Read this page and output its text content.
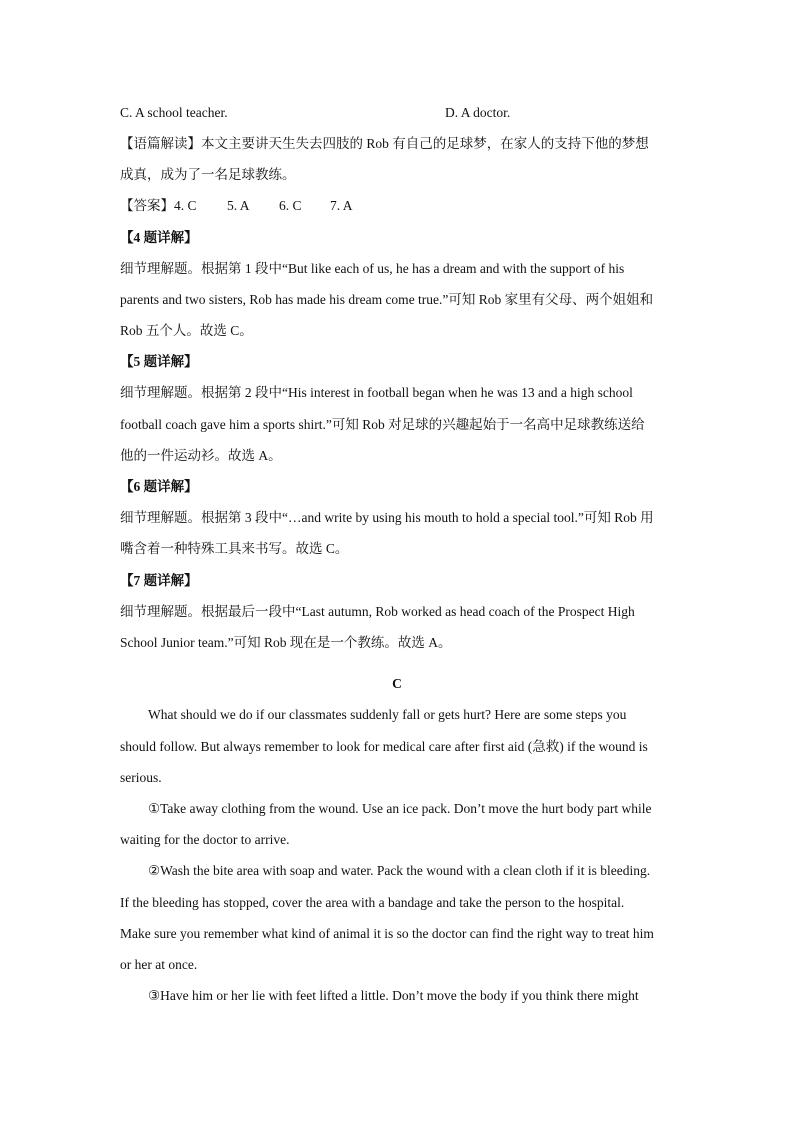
C. A school teacher.	D. A doctor.
【语篇解读】本文主要讲天生失去四肢的 Rob 有自己的足球梦，在家人的支持下他的梦想
成真，成为了一名足球教练。
【答案】4. C 5. A 6. C 7. A
【4 题详解】
细节理解题。根据第 1 段中“But like each of us, he has a dream and with the support of his
parents and two sisters, Rob has made his dream come true.”可知 Rob 家里有父母、两个姐姐和
Rob 五个人。故选 C。
【5 题详解】
细节理解题。根据第 2 段中“His interest in football began when he was 13 and a high school
football coach gave him a sports shirt.”可知 Rob 对足球的兴趣起始于一名高中足球教练送给
他的一件运动衫。故选 A。
【6 题详解】
细节理解题。根据第 3 段中“…and write by using his mouth to hold a special tool.”可知 Rob 用
嘴含着一种特殊工具来书写。故选 C。
【7 题详解】
细节理解题。根据最后一段中“Last autumn, Rob worked as head coach of the Prospect High
School Junior team.”可知 Rob 现在是一个教练。故选 A。
C
What should we do if our classmates suddenly fall or gets hurt? Here are some steps you
should follow. But always remember to look for medical care after first aid (急救) if the wound is
serious.
①Take away clothing from the wound. Use an ice pack. Don’t move the hurt body part while
waiting for the doctor to arrive.
②Wash the bite area with soap and water. Pack the wound with a clean cloth if it is bleeding.
If the bleeding has stopped, cover the area with a bandage and take the person to the hospital.
Make sure you remember what kind of animal it is so the doctor can find the right way to treat him
or her at once.
③Have him or her lie with feet lifted a little. Don’t move the body if you think there might
